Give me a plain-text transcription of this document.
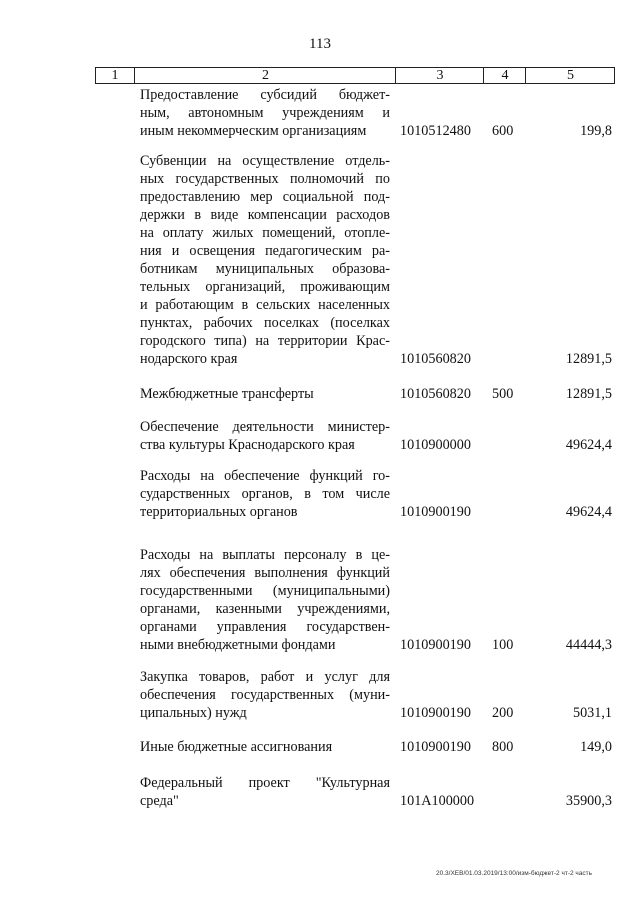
113
1	2	3	4	5
Предоставление субсидий бюджет-
ным, автономным учреждениям и
иным некоммерческим организациям	1010512480 600	199,8
Субвенции на осуществление отдель-
ных государственных полномочий по
предоставлению мер социальной под-
держки в виде компенсации расходов
на оплату жилых помещений, отопле-
ния и освещения педагогическим ра-
ботникам муниципальных образова-
тельных организаций, проживающим
и работающим в сельских населенных
пунктах, рабочих поселках (поселках
городского типа) на территории Крас-
нодарского края	1010560820	12891,5
Межбюджетные трансферты	1010560820 500	12891,5
Обеспечение деятельности министер-
ства культуры Краснодарского края	1010900000	49624,4
Расходы на обеспечение функций го-
сударственных органов, в том числе
территориальных органов	1010900190	49624,4
Расходы на выплаты персоналу в це-
лях обеспечения выполнения функций
государственными (муниципальными)
органами, казенными учреждениями,
органами управления государствен-
ными внебюджетными фондами	1010900190 100	44444,3
Закупка товаров, работ и услуг для
обеспечения государственных (муни-
ципальных) нужд	1010900190 200	5031,1
Иные бюджетные ассигнования	1010900190 800	149,0
Федеральный проект "Культурная
среда"	101A100000	35900,3
20.3/ХЕВ/01.03.2019/13:00/изм-бюджет-2 чт-2 часть
